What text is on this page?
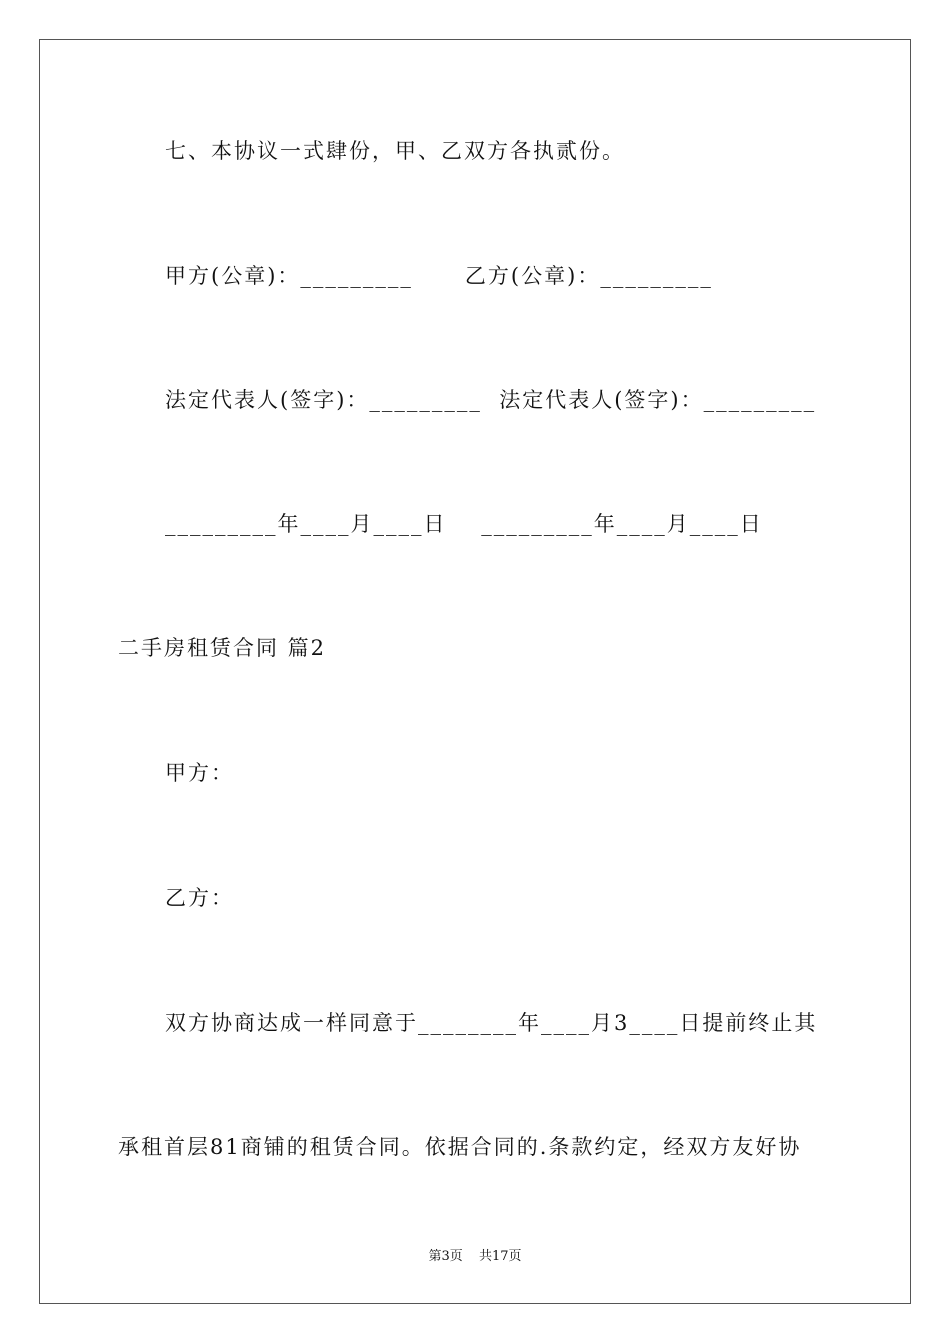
七、本协议一式肆份，甲、乙双方各执贰份。
甲方(公章)：_________      乙方(公章)：_________
法定代表人(签字)：_________  法定代表人(签字)：_________
_________年____月____日    _________年____月____日
二手房租赁合同 篇2
甲方：
乙方：
双方协商达成一样同意于________年____月3____日提前终止其
承租首层81商铺的租赁合同。依据合同的.条款约定，经双方友好协
第3页 共17页
